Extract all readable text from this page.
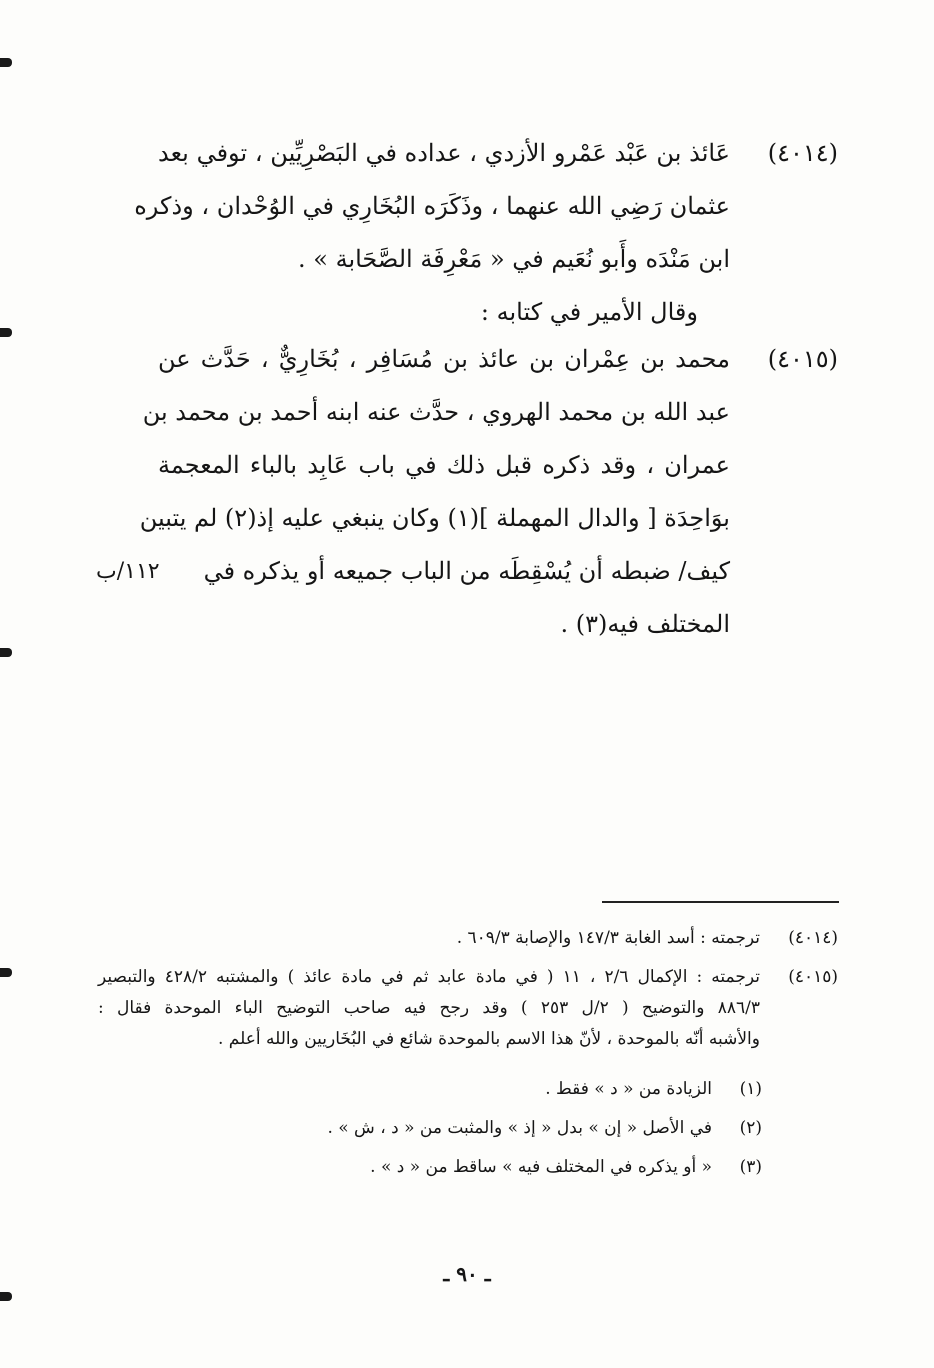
(٤٠١٤)
عَائذ بن عَبْد عَمْرو الأزدي ، عداده في البَصْرِيِّين ، توفي بعد
عثمان رَضِي الله عنهما ، وذَكَرَه البُخَارِي في الوُحْدان ، وذكره
ابن مَنْدَه وأَبو نُعَيم في « مَعْرِفَة الصَّحَابة » .
وقال الأمير في كتابه :
(٤٠١٥)
محمد بن عِمْران بن عائذ بن مُسَافِر ، بُخَارِيٌّ ، حَدَّث عن
عبد الله بن محمد الهروي ، حدَّث عنه ابنه أحمد بن محمد بن
عمران ، وقد ذكره قبل ذلك في باب عَابِد بالباء المعجمة
بوَاحِدَة [ والدال المهملة ](١) وكان ينبغي عليه إذ(٢) لم يتبين
كيف/ ضبطه أن يُسْقِطَه من الباب جميعه أو يذكره في
المختلف فيه(٣) .
١١٢/ب
(٤٠١٤)
ترجمته : أسد الغابة ١٤٧/٣ والإصابة ٦٠٩/٣ .
(٤٠١٥)
ترجمته : الإكمال ٢/٦ ، ١١ ( في مادة عابد ثم في مادة عائذ ) والمشتبه ٤٢٨/٢ والتبصير
٨٨٦/٣ والتوضيح ( ٢/ل ٢٥٣ ) وقد رجح فيه صاحب التوضيح الباء الموحدة فقال :
والأشبه أنّه بالموحدة ، لأنّ هذا الاسم بالموحدة شائع في البُخَاريين والله أعلم .
(١)
الزيادة من « د » فقط .
(٢)
في الأصل « إن » بدل « إذ » والمثبت من « د ، ش » .
(٣)
« أو يذكره في المختلف فيه » ساقط من « د » .
ـ ٩٠ ـ
